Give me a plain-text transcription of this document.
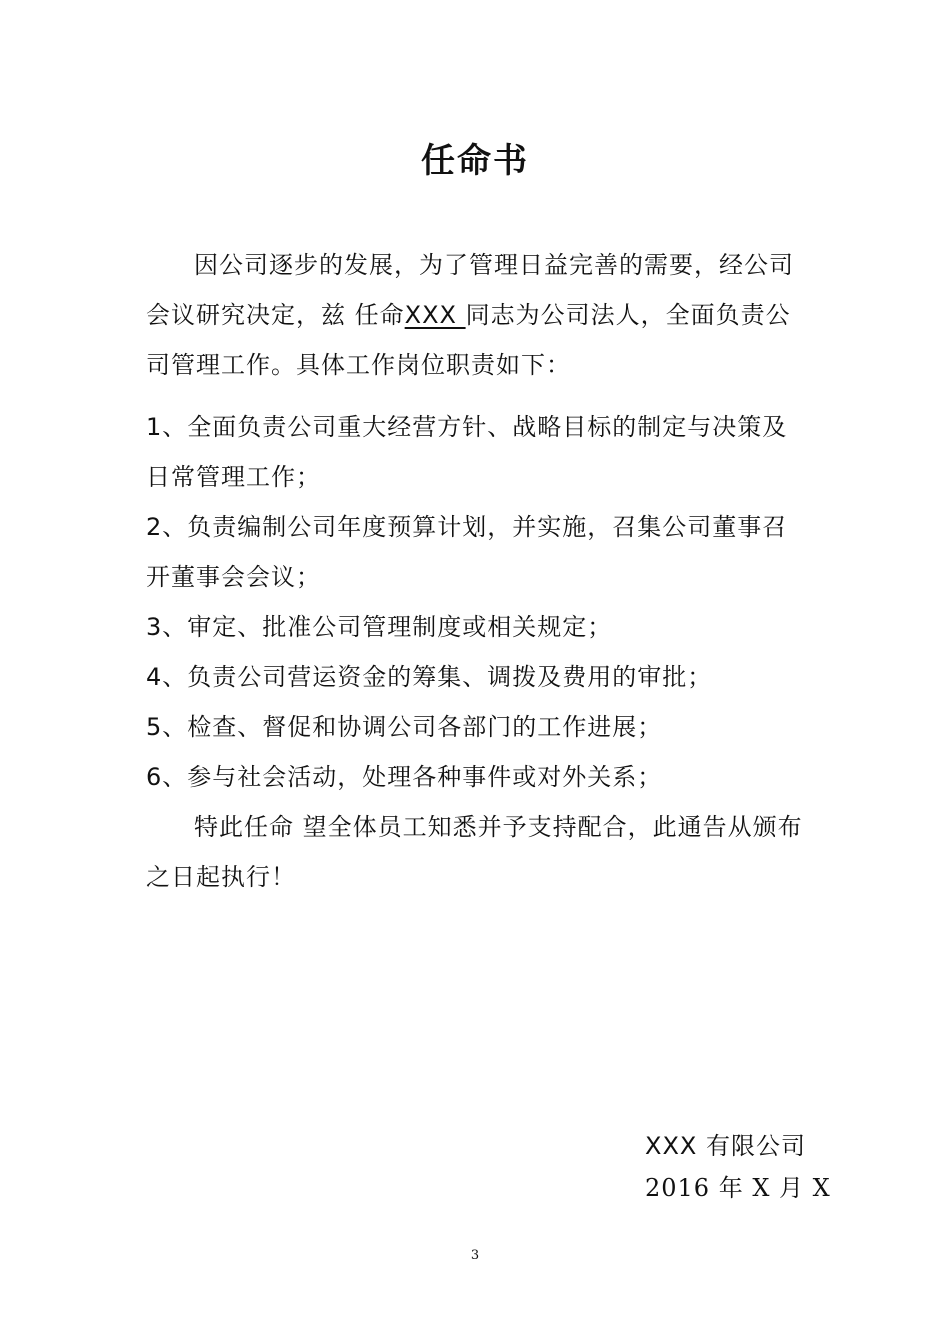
任命书
因公司逐步的发展，为了管理日益完善的需要，经公司会议研究决定，兹 任命XXX 同志为公司法人，全面负责公司管理工作。具体工作岗位职责如下：
1、全面负责公司重大经营方针、战略目标的制定与决策及日常管理工作；
2、负责编制公司年度预算计划，并实施，召集公司董事召开董事会会议；
3、审定、批准公司管理制度或相关规定；
4、负责公司营运资金的筹集、调拨及费用的审批；
5、检查、督促和协调公司各部门的工作进展；
6、参与社会活动，处理各种事件或对外关系；
特此任命 望全体员工知悉并予支持配合，此通告从颁布之日起执行！
XXX 有限公司
2016 年 X 月 X
3
